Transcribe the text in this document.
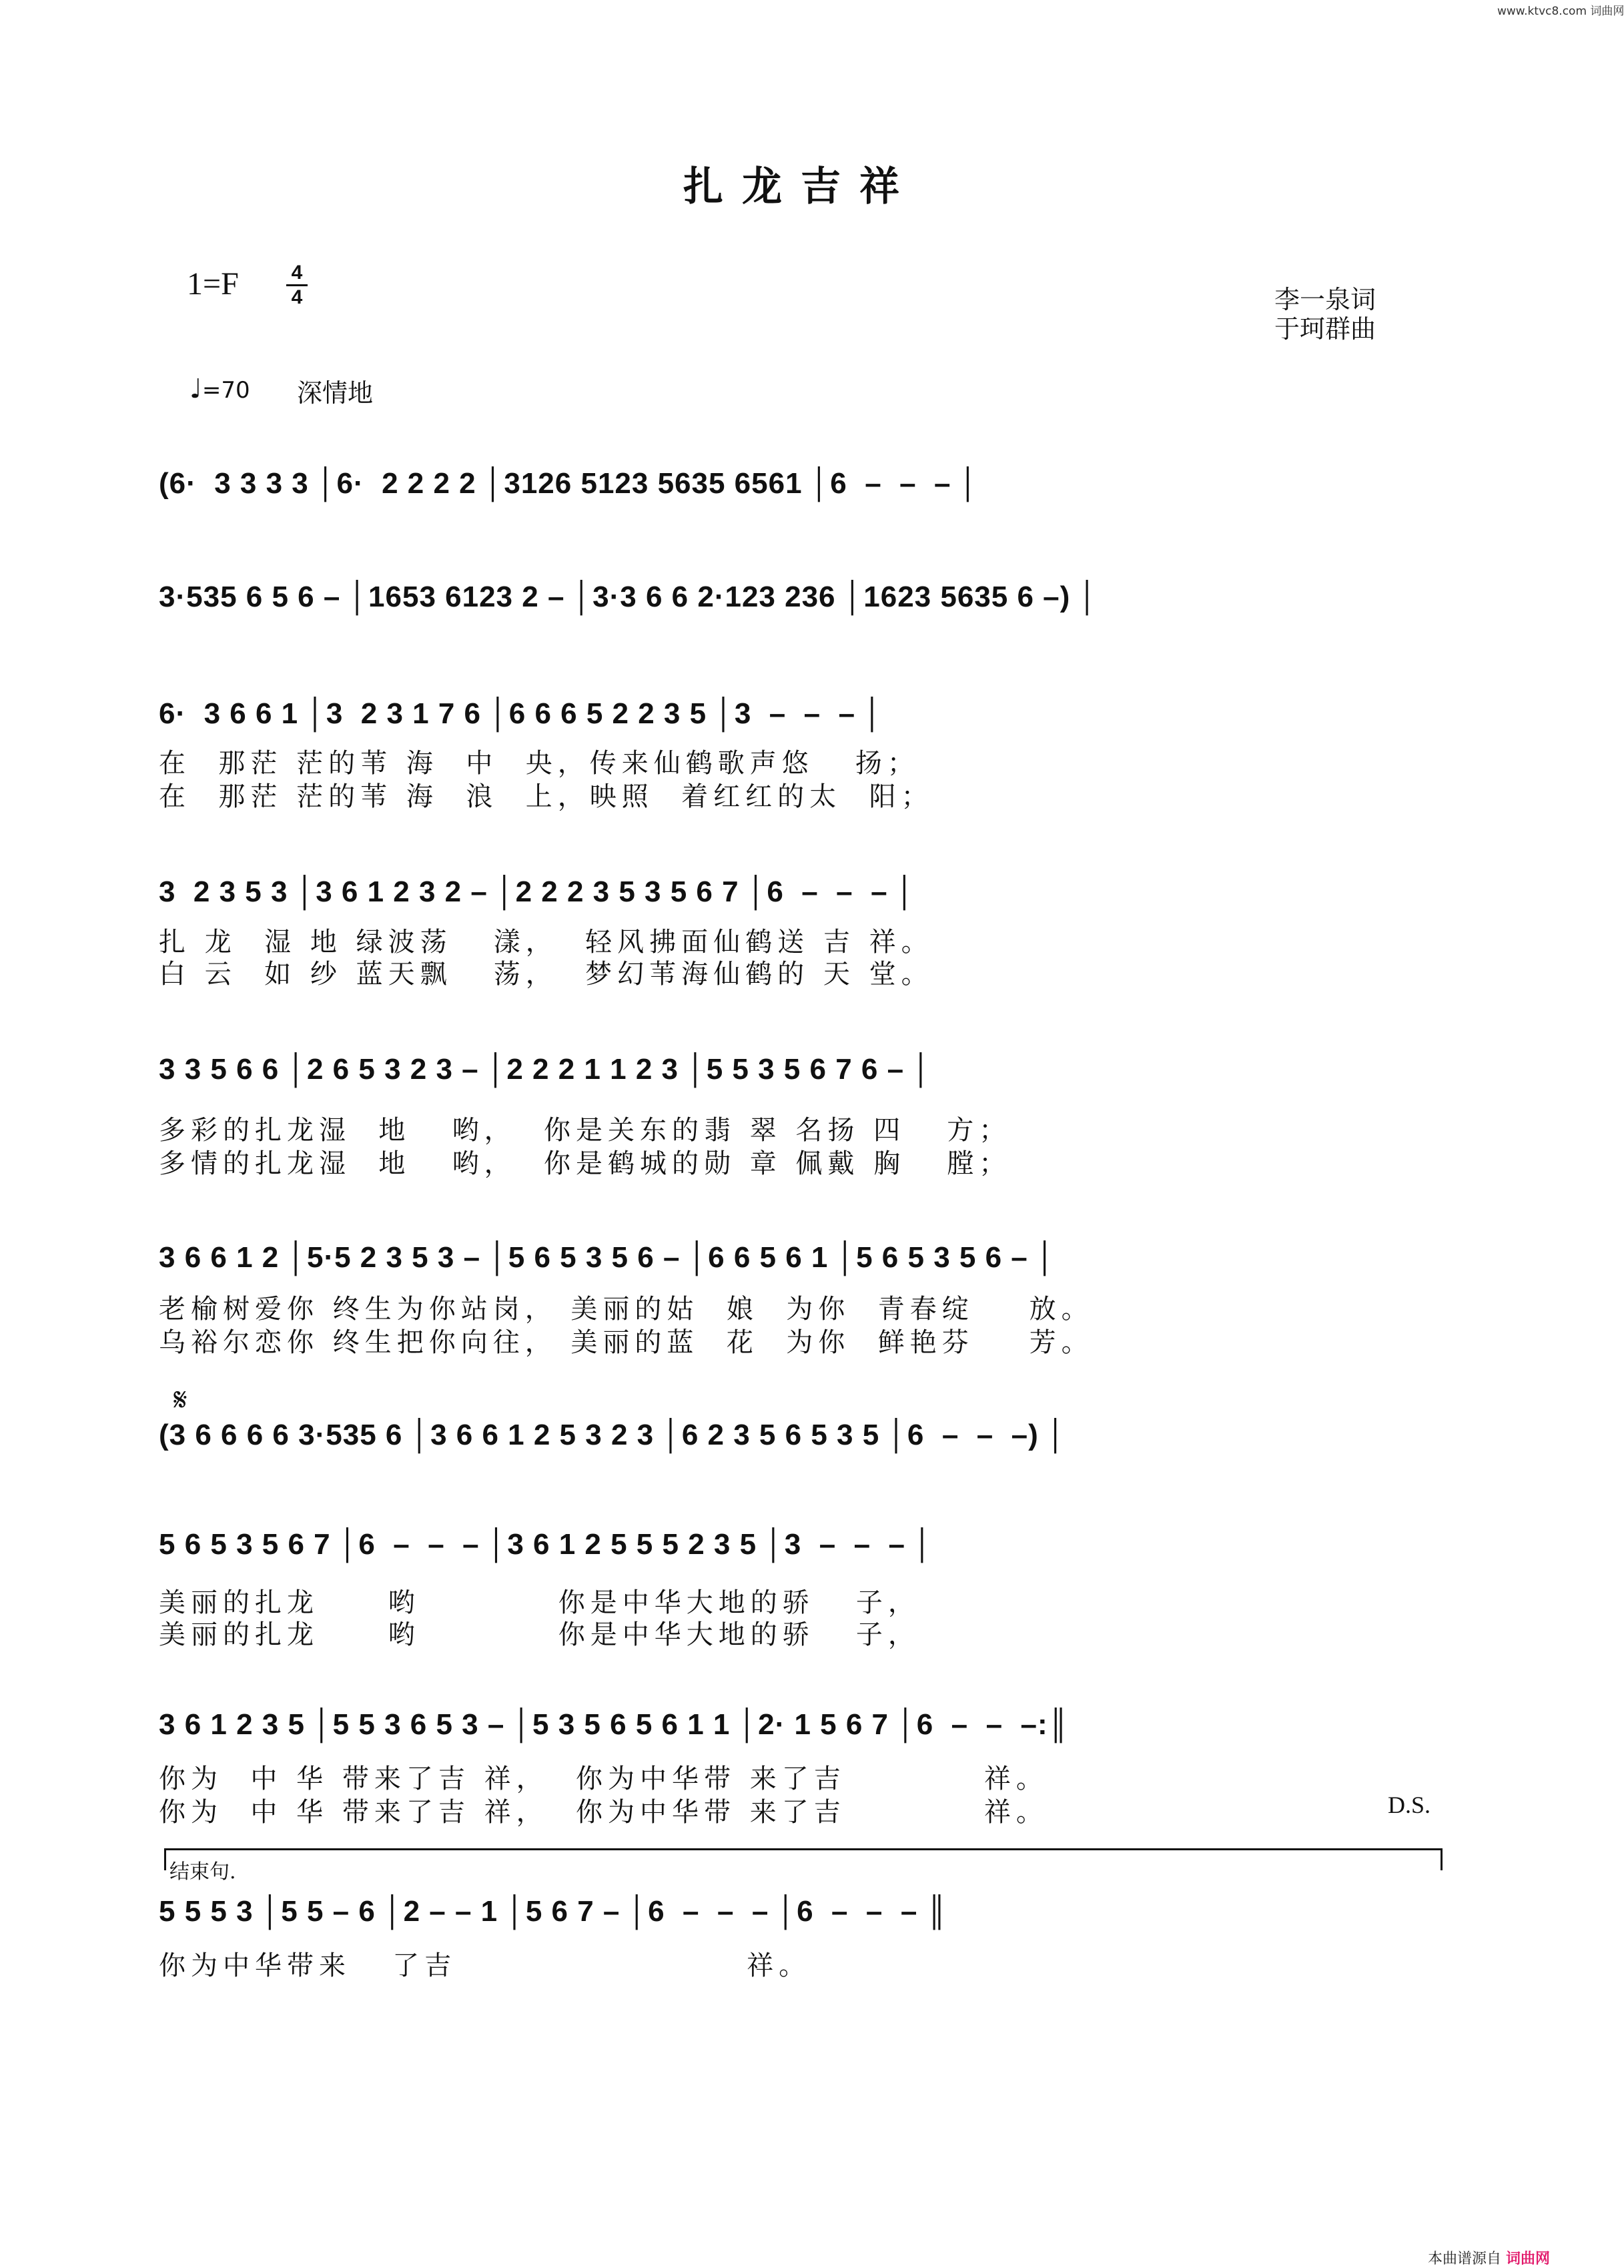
www.ktvc8.com 词曲网
扎龙吉祥
1=F	4
4	李一泉词
于珂群曲
♩=70 深情地
(6·  3 3 3 3 │6·  2 2 2 2 │3126 5123 5635 6561 │6  –  –  – │
3·535 6 5 6 – │1653 6123 2 – │3·3 6 6 2·123 236 │1623 5635 6 –) │
6·  3 6 6 1 │3  2 3 1 7 6 │6 6 6 5 2 2 3 5 │3  –  –  – │
在  那茫 茫的苇 海  中  央，传来仙鹤歌声悠   扬；
在  那茫 茫的苇 海  浪  上，映照  着红红的太  阳；
3  2 3 5 3 │3 6 1 2 3 2 – │2 2 2 3 5 3 5 6 7 │6  –  –  – │
扎 龙  湿 地 绿波荡   漾，  轻风拂面仙鹤送 吉 祥。
白 云  如 纱 蓝天飘   荡，  梦幻苇海仙鹤的 天 堂。
3 3 5 6 6 │2 6 5 3 2 3 – │2 2 2 1 1 2 3 │5 5 3 5 6 7 6 – │
多彩的扎龙湿  地   哟，  你是关东的翡 翠 名扬 四   方；
多情的扎龙湿  地   哟，  你是鹤城的勋 章 佩戴 胸   膛；
3 6 6 1 2 │5·5 2 3 5 3 – │5 6 5 3 5 6 – │6 6 5 6 1 │5 6 5 3 5 6 – │
老榆树爱你 终生为你站岗， 美丽的姑  娘  为你  青春绽    放。
乌裕尔恋你 终生把你向往， 美丽的蓝  花  为你  鲜艳芬    芳。
𝄋
(3 6 6 6 6 3·535 6 │3 6 6 1 2 5 3 2 3 │6 2 3 5 6 5 3 5 │6  –  –  –) │
5 6 5 3 5 6 7 │6  –  –  – │3 6 1 2 5 5 5 2 3 5 │3  –  –  – │
美丽的扎龙     哟          你是中华大地的骄   子，
美丽的扎龙     哟          你是中华大地的骄   子，
3 6 1 2 3 5 │5 5 3 6 5 3 – │5 3 5 6 5 6 1 1 │2· 1 5 6 7 │6  –  –  –:║
你为  中 华 带来了吉 祥，  你为中华带 来了吉          祥。
你为  中 华 带来了吉 祥，  你为中华带 来了吉          祥。	D.S.
结束句.
5 5 5 3 │5 5 – 6 │2 – – 1 │5 6 7 – │6  –  –  – │6  –  –  – ║
你为中华带来   了吉                     祥。
本曲谱源自 词曲网
